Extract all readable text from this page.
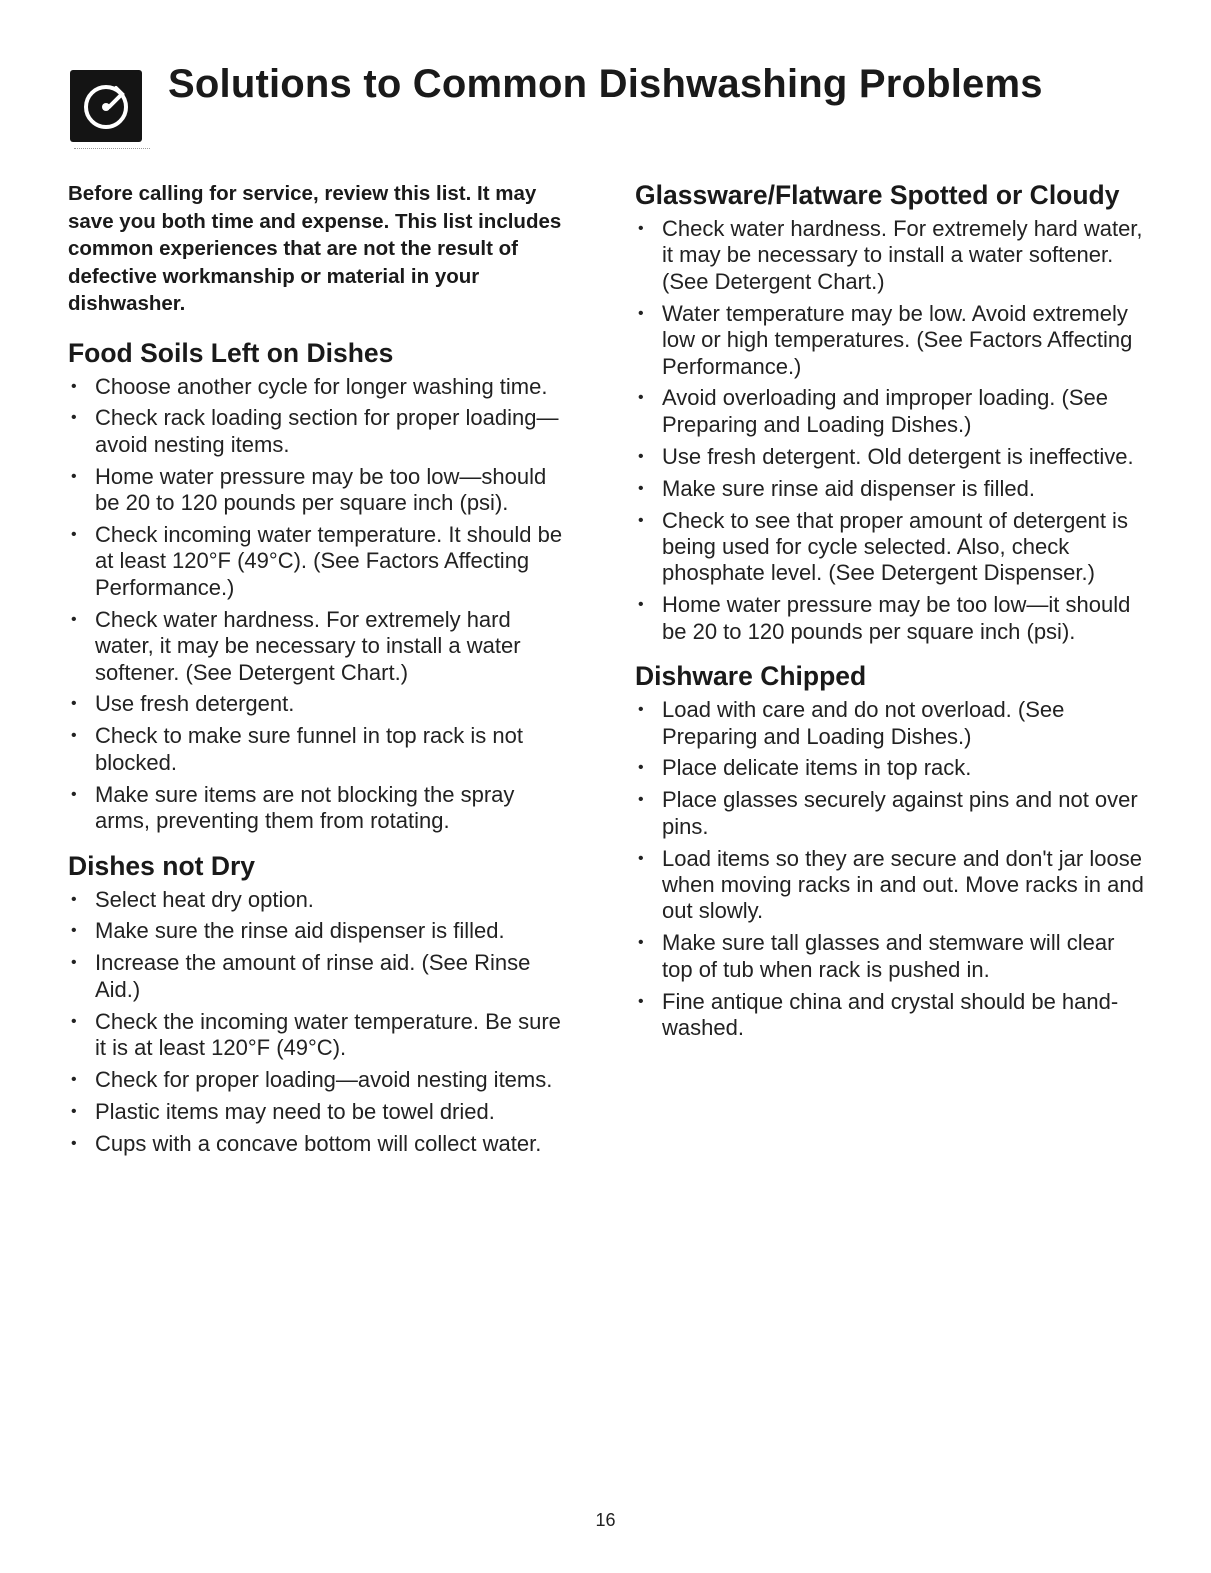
Solutions to Common Dishwashing Problems

Before calling for service, review this list. It may save you both time and expense. This list includes common experiences that are not the result of defective workmanship or material in your dishwasher.

Food Soils Left on Dishes
• Choose another cycle for longer washing time.
• Check rack loading section for proper loading—avoid nesting items.
• Home water pressure may be too low—should be 20 to 120 pounds per square inch (psi).
• Check incoming water temperature. It should be at least 120°F (49°C). (See Factors Affecting Performance.)
• Check water hardness. For extremely hard water, it may be necessary to install a water softener. (See Detergent Chart.)
• Use fresh detergent.
• Check to make sure funnel in top rack is not blocked.
• Make sure items are not blocking the spray arms, preventing them from rotating.
Dishes not Dry
• Select heat dry option.
• Make sure the rinse aid dispenser is filled.
• Increase the amount of rinse aid. (See Rinse Aid.)
• Check the incoming water temperature. Be sure it is at least 120°F (49°C).
• Check for proper loading—avoid nesting items.
• Plastic items may need to be towel dried.
• Cups with a concave bottom will collect water.
Glassware/Flatware Spotted or Cloudy
• Check water hardness. For extremely hard water, it may be necessary to install a water softener. (See Detergent Chart.)
• Water temperature may be low. Avoid extremely low or high temperatures. (See Factors Affecting Performance.)
• Avoid overloading and improper loading. (See Preparing and Loading Dishes.)
• Use fresh detergent. Old detergent is ineffective.
• Make sure rinse aid dispenser is filled.
• Check to see that proper amount of detergent is being used for cycle selected. Also, check phosphate level. (See Detergent Dispenser.)
• Home water pressure may be too low—it should be 20 to 120 pounds per square inch (psi).
Dishware Chipped
• Load with care and do not overload. (See Preparing and Loading Dishes.)
• Place delicate items in top rack.
• Place glasses securely against pins and not over pins.
• Load items so they are secure and don't jar loose when moving racks in and out. Move racks in and out slowly.
• Make sure tall glasses and stemware will clear top of tub when rack is pushed in.
• Fine antique china and crystal should be hand-washed.
16
